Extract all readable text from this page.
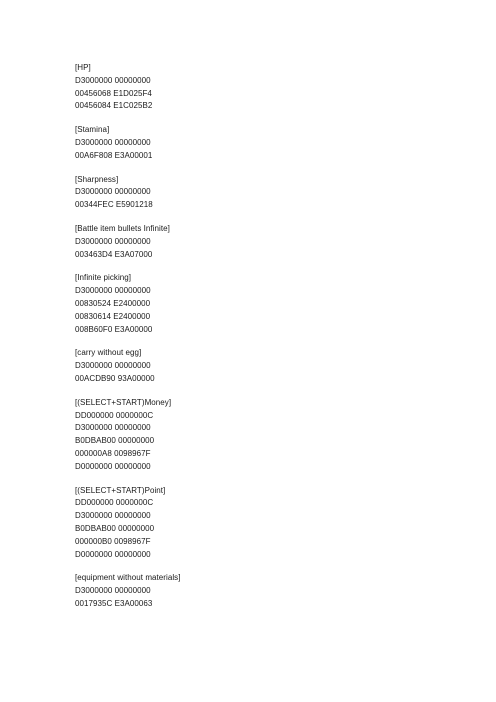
[HP]
D3000000 00000000
00456068 E1D025F4
00456084 E1C025B2
[Stamina]
D3000000 00000000
00A6F808 E3A00001
[Sharpness]
D3000000 00000000
00344FEC E5901218
[Battle item bullets Infinite]
D3000000 00000000
003463D4 E3A07000
[Infinite picking]
D3000000 00000000
00830524 E2400000
00830614 E2400000
008B60F0 E3A00000
[carry without egg]
D3000000 00000000
00ACDB90 93A00000
[(SELECT+START)Money]
DD000000 0000000C
D3000000 00000000
B0DBAB00 00000000
000000A8 0098967F
D0000000 00000000
[(SELECT+START)Point]
DD000000 0000000C
D3000000 00000000
B0DBAB00 00000000
000000B0 0098967F
D0000000 00000000
[equipment without materials]
D3000000 00000000
0017935C E3A00063
